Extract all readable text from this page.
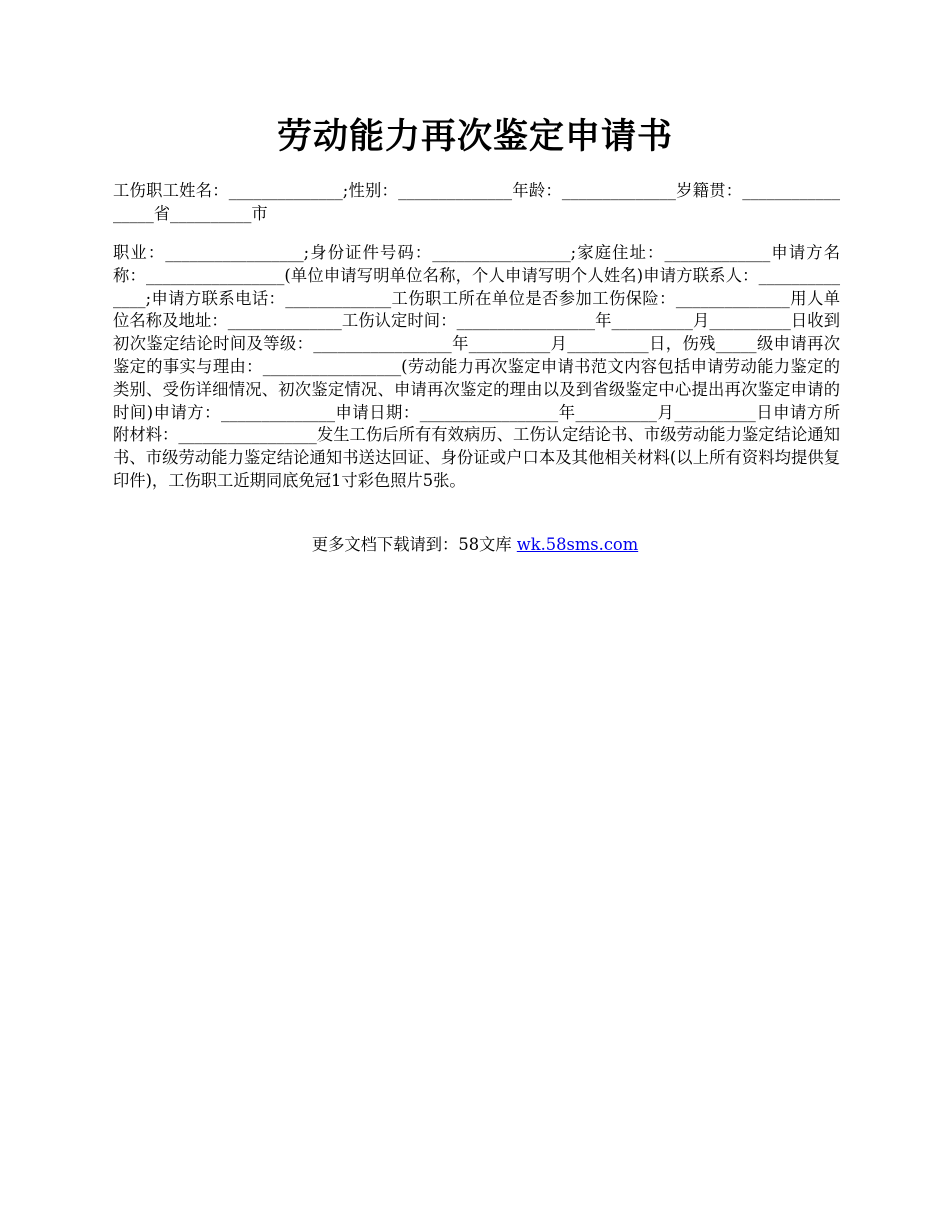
劳动能力再次鉴定申请书
工伤职工姓名：______________;性别：______________年龄：______________岁籍贯：_________________省__________市
职业：_________________;身份证件号码：_________________;家庭住址：_____________申请方名称：_________________(单位申请写明单位名称，个人申请写明个人姓名)申请方联系人：______________;申请方联系电话：_____________工伤职工所在单位是否参加工伤保险：______________用人单位名称及地址：______________工伤认定时间：_________________年__________月__________日收到初次鉴定结论时间及等级：_________________年__________月__________日，伤残_____级申请再次鉴定的事实与理由：_________________(劳动能力再次鉴定申请书范文内容包括申请劳动能力鉴定的类别、受伤详细情况、初次鉴定情况、申请再次鉴定的理由以及到省级鉴定中心提出再次鉴定申请的时间)申请方：______________申请日期：_________________年__________月__________日申请方所附材料：_________________发生工伤后所有有效病历、工伤认定结论书、市级劳动能力鉴定结论通知书、市级劳动能力鉴定结论通知书送达回证、身份证或户口本及其他相关材料(以上所有资料均提供复印件)，工伤职工近期同底免冠1寸彩色照片5张。
更多文档下载请到：58文库 wk.58sms.com
